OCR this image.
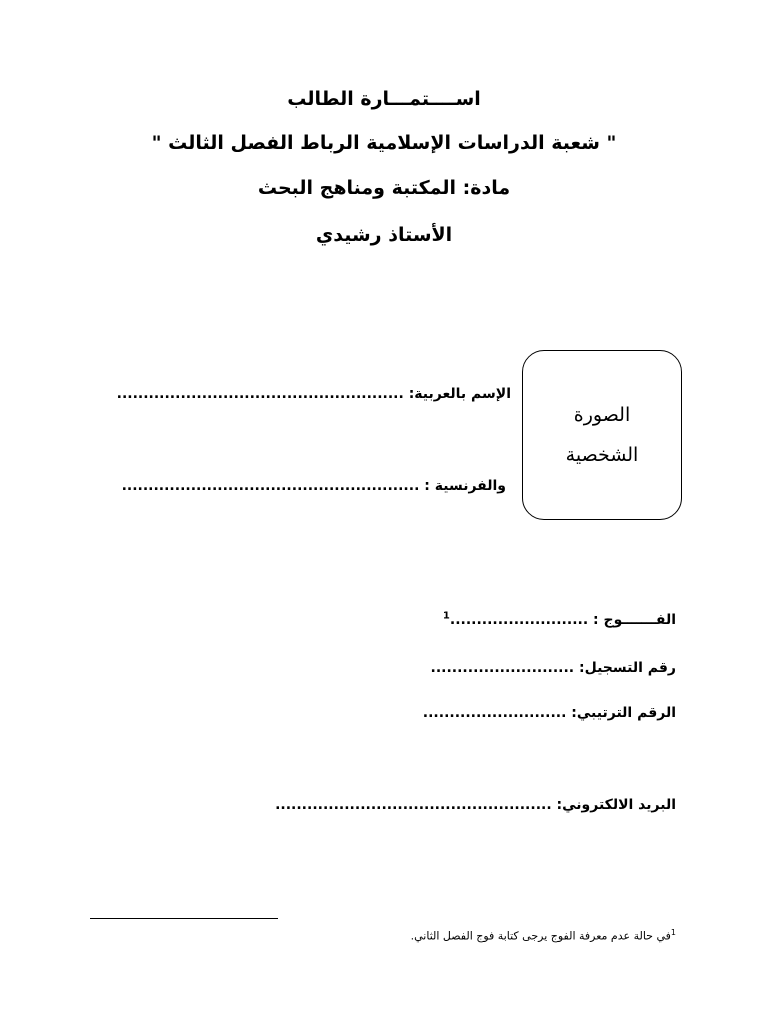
اســــتمـــارة الطالب
" شعبة الدراسات الإسلامية الرباط الفصل الثالث "
مادة: المكتبة ومناهج البحث
الأستاذ رشيدي
الصورة
الشخصية
الإسم بالعربية: ......................................................
والفرنسية : ........................................................
الفـــــــوج : ..........................$^1$
رقم التسجيل: ...........................
الرقم الترتيبي: ...........................
البريد الالكتروني: ....................................................
$^1$في حالة عدم معرفة الفوج يرجى كتابة فوج الفصل الثاني.
